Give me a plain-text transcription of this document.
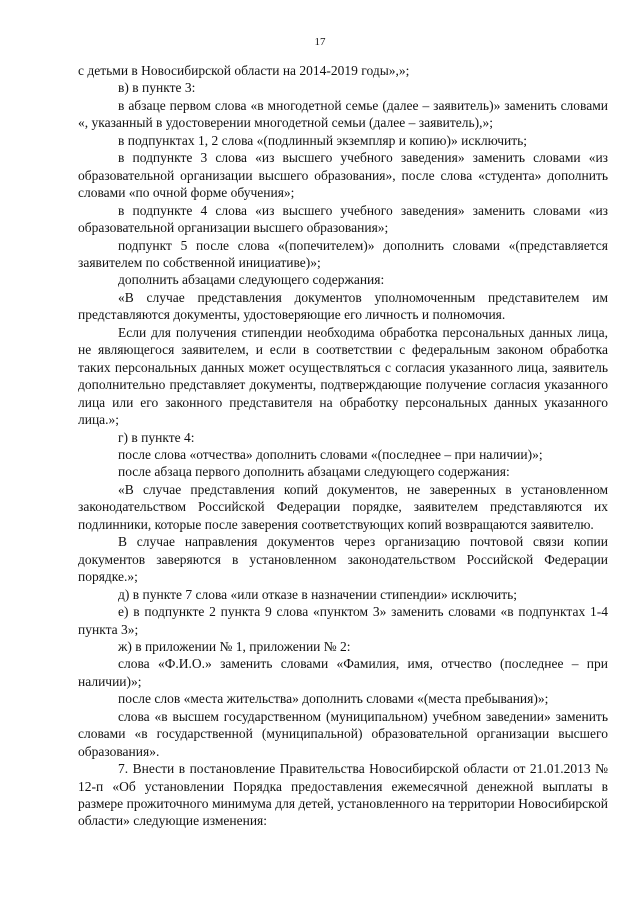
17

с детьми в Новосибирской области на 2014-2019 годы»,»;

в) в пункте 3:

в абзаце первом слова «в многодетной семье (далее – заявитель)» заменить словами «, указанный в удостоверении многодетной семьи (далее – заявитель),»;

в подпунктах 1, 2 слова «(подлинный экземпляр и копию)» исключить;

в подпункте 3 слова «из высшего учебного заведения» заменить словами «из образовательной организации высшего образования», после слова «студента» дополнить словами «по очной форме обучения»;

в подпункте 4 слова «из высшего учебного заведения» заменить словами «из образовательной организации высшего образования»;

подпункт 5 после слова «(попечителем)» дополнить словами «(представляется заявителем по собственной инициативе)»;

дополнить абзацами следующего содержания:

«В случае представления документов уполномоченным представителем им представляются документы, удостоверяющие его личность и полномочия.

Если для получения стипендии необходима обработка персональных данных лица, не являющегося заявителем, и если в соответствии с федеральным законом обработка таких персональных данных может осуществляться с согласия указанного лица, заявитель дополнительно представляет документы, подтверждающие получение согласия указанного лица или его законного представителя на обработку персональных данных указанного лица.»;

г) в пункте 4:

после слова «отчества» дополнить словами «(последнее – при наличии)»;

после абзаца первого дополнить абзацами следующего содержания:

«В случае представления копий документов, не заверенных в установленном законодательством Российской Федерации порядке, заявителем представляются их подлинники, которые после заверения соответствующих копий возвращаются заявителю.

В случае направления документов через организацию почтовой связи копии документов заверяются в установленном законодательством Российской Федерации порядке.»;

д) в пункте 7 слова «или отказе в назначении стипендии» исключить;

е) в подпункте 2 пункта 9 слова «пунктом 3» заменить словами «в подпунктах 1-4 пункта 3»;

ж) в приложении № 1, приложении № 2:

слова «Ф.И.О.» заменить словами «Фамилия, имя, отчество (последнее – при наличии)»;

после слов «места жительства» дополнить словами «(места пребывания)»;

слова «в высшем государственном (муниципальном) учебном заведении» заменить словами «в государственной (муниципальной) образовательной организации высшего образования».

7. Внести в постановление Правительства Новосибирской области от 21.01.2013 № 12-п «Об установлении Порядка предоставления ежемесячной денежной выплаты в размере прожиточного минимума для детей, установленного на территории Новосибирской области» следующие изменения:
